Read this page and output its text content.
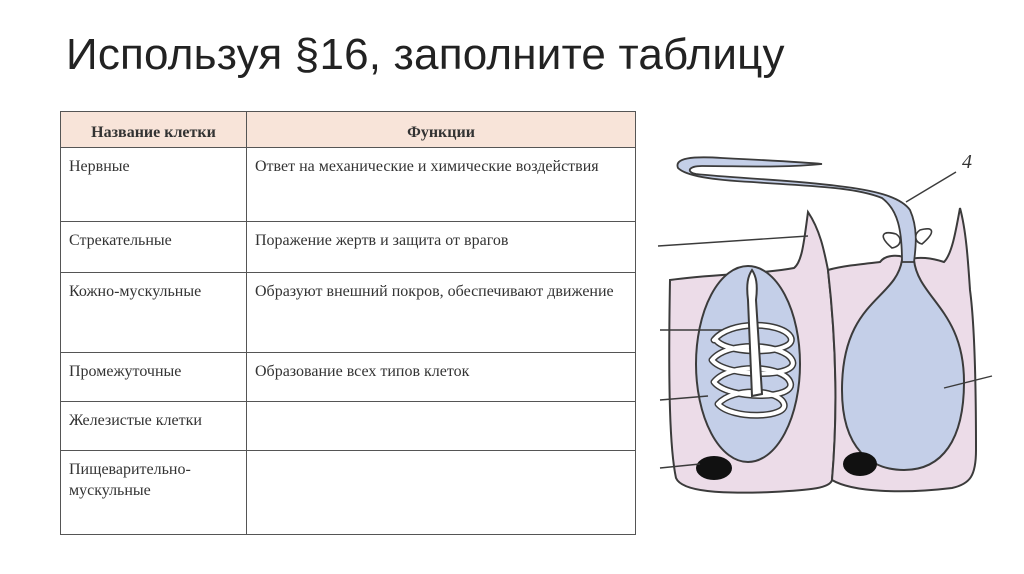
Используя §16, заполните таблицу
Название клетки	Функции
Нервные	Ответ на механические и химические воздействия
Стрекательные	Поражение жертв и защита от врагов
Кожно-мускульные	Образуют внешний покров, обеспечивают движение
Промежуточные	Образование всех типов клеток
Железистые клетки	
Пищеварительно-мускульные	
4
